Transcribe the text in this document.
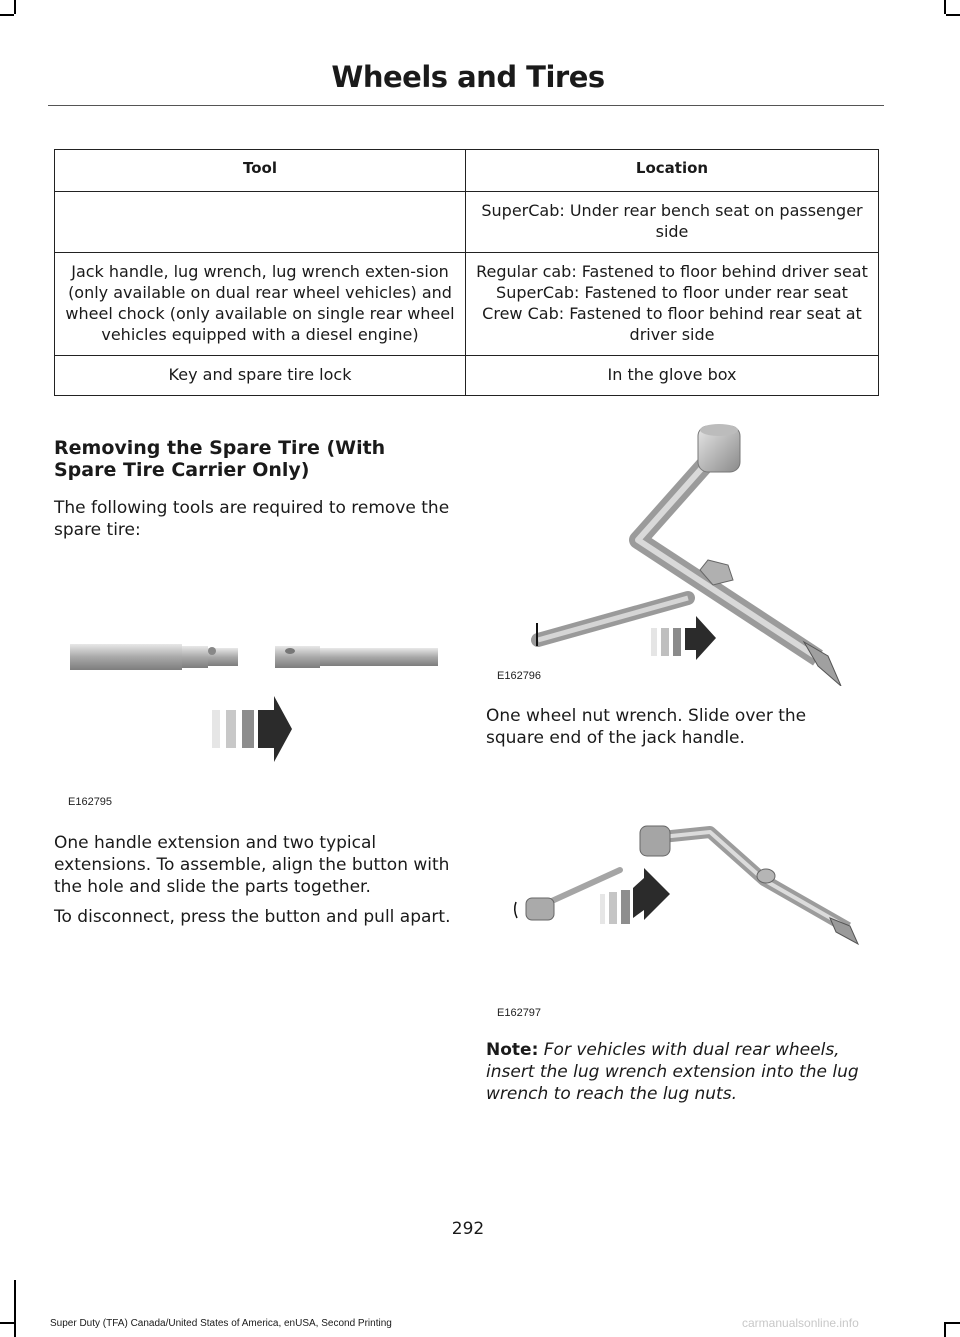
Wheels and Tires
Tool	Location

	SuperCab: Under rear bench seat on passenger side

Jack handle, lug wrench, lug wrench exten-sion (only available on dual rear wheel vehicles) and wheel chock (only available on single rear wheel vehicles equipped with a diesel engine)	Regular cab: Fastened to floor behind driver seat
SuperCab: Fastened to floor under rear seat
Crew Cab: Fastened to floor behind rear seat at driver side

Key and spare tire lock	In the glove box
Removing the Spare Tire (With Spare Tire Carrier Only)
The following tools are required to remove the spare tire:
E162795
One handle extension and two typical extensions. To assemble, align the button with the hole and slide the parts together.
To disconnect, press the button and pull apart.
E162796
One wheel nut wrench. Slide over the square end of the jack handle.
E162797
Note: For vehicles with dual rear wheels, insert the lug wrench extension into the lug wrench to reach the lug nuts.
292
Super Duty (TFA) Canada/United States of America, enUSA, Second Printing	carmanualsonline.info
